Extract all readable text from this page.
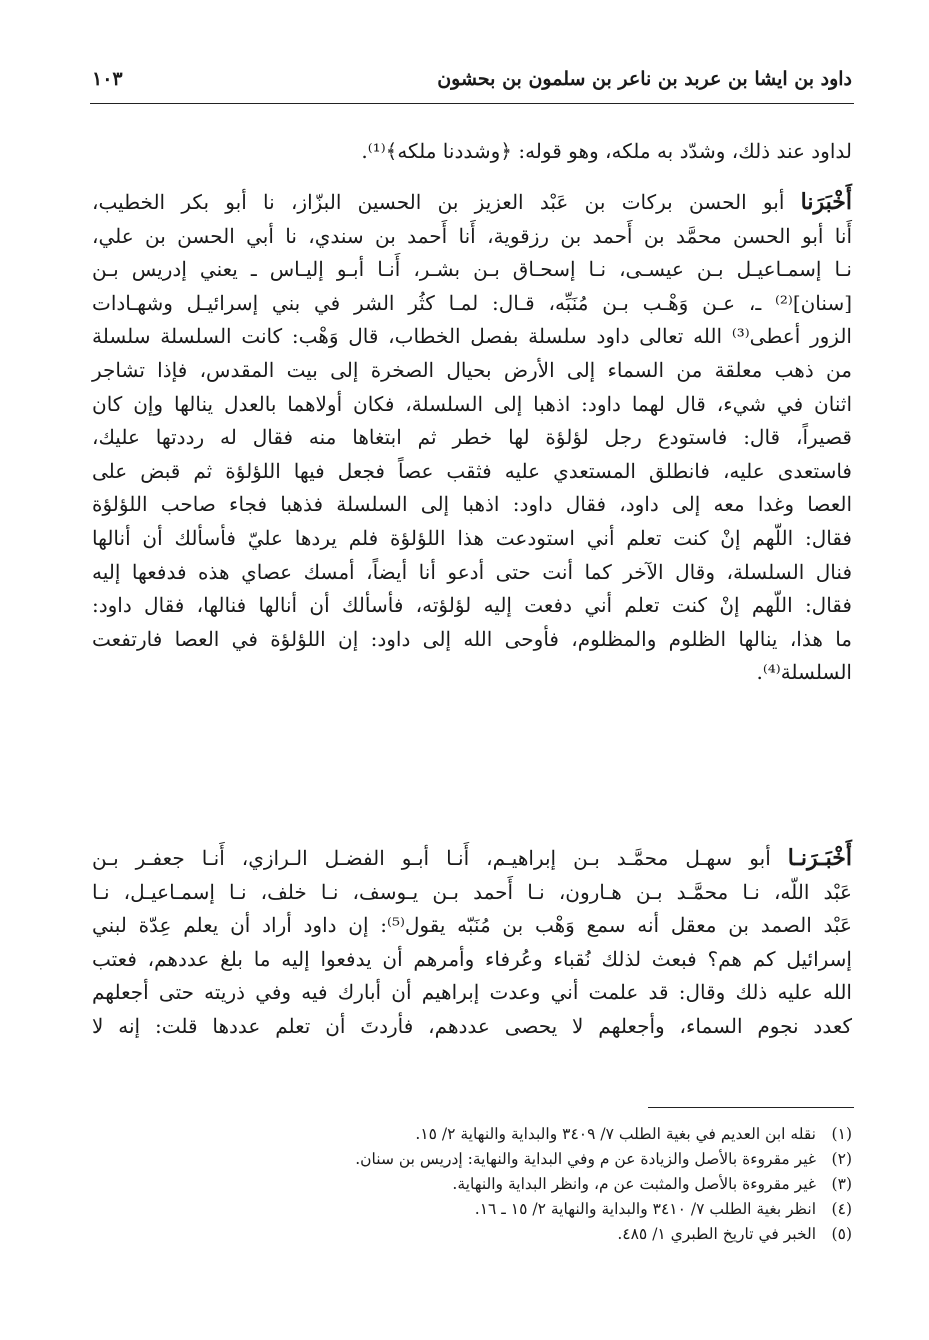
داود بن ايشا بن عربد بن ناعر بن سلمون بن بحشون
١٠٣
لداود عند ذلك، وشدّد به ملكه، وهو قوله: ﴿وشددنا ملكه﴾⁽¹⁾.
أَخْبَرَنا أبو الحسن بركات بن عَبْد العزيز بن الحسين البزّاز، نا أبو بكر الخطيب،
أَنا أبو الحسن محمَّد بن أَحمد بن رزقوية، أَنا أَحمد بن سندي، نا أبي الحسن بن علي،
نـا إسمـاعيـل بـن عيسـى، نـا إسحـاق بـن بشـر، أَنـا أبـو إليـاس ـ يعني إدريس بـن
[سنان]⁽²⁾ ـ، عـن وَهْـب بـن مُنَبِّه، قـال: لمـا كثُر الشر في بني إسرائيـل وشهـادات
الزور أعطى⁽³⁾ الله تعالى داود سلسلة بفصل الخطاب، قال وَهْب: كانت السلسلة سلسلة
من ذهب معلقة من السماء إلى الأرض بحيال الصخرة إلى بيت المقدس، فإذا تشاجر
اثنان في شيء، قال لهما داود: اذهبا إلى السلسلة، فكان أولاهما بالعدل ينالها وإن كان
قصيراً، قال: فاستودع رجل لؤلؤة لها خطر ثم ابتغاها منه فقال له رددتها عليك،
فاستعدى عليه، فانطلق المستعدي عليه فثقب عصاً فجعل فيها اللؤلؤة ثم قبض على
العصا وغدا معه إلى داود، فقال داود: اذهبا إلى السلسلة فذهبا فجاء صاحب اللؤلؤة
فقال: اللّهم إنْ كنت تعلم أني استودعت هذا اللؤلؤة فلم يردها عليّ فأسألك أن أنالها
فنال السلسلة، وقال الآخر كما أنت حتى أدعو أنا أيضاً، أمسك عصاي هذه فدفعها إليه
فقال: اللّهم إنْ كنت تعلم أني دفعت إليه لؤلؤته، فأسألك أن أنالها فنالها، فقال داود:
ما هذا، ينالها الظلوم والمظلوم، فأوحى الله إلى داود: إن اللؤلؤة في العصا فارتفعت
السلسلة⁽⁴⁾.
أَخْبَـرَنـا أبو سهـل محمَّـد بـن إبراهيـم، أَنـا أبـو الفضـل الـرازي، أَنـا جعفـر بـن
عَبْد اللّه، نـا محمَّـد بـن هـارون، نـا أَحمد بـن يـوسف، نـا خلف، نـا إسمـاعيـل، نـا
عَبْد الصمد بن معقل أنه سمع وَهْب بن مُنَبّه يقول⁽⁵⁾: إن داود أراد أن يعلم عِدّة لبني
إسرائيل كم هم؟ فبعث لذلك نُقباء وعُرفاء وأمرهم أن يدفعوا إليه ما بلغ عددهم، فعتب
الله عليه ذلك وقال: قد علمت أني وعدت إبراهيم أن أبارك فيه وفي ذريته حتى أجعلهم
كعدد نجوم السماء، وأجعلهم لا يحصى عددهم، فأردتَ أن تعلم عددها قلت: إنه لا
(١)نقله ابن العديم في بغية الطلب ٧/ ٣٤٠٩ والبداية والنهاية ٢/ ١٥.
(٢)غير مقروءة بالأصل والزيادة عن م وفي البداية والنهاية: إدريس بن سنان.
(٣)غير مقروءة بالأصل والمثبت عن م، وانظر البداية والنهاية.
(٤)انظر بغية الطلب ٧/ ٣٤١٠ والبداية والنهاية ٢/ ١٥ ـ ١٦.
(٥)الخبر في تاريخ الطبري ١/ ٤٨٥.
